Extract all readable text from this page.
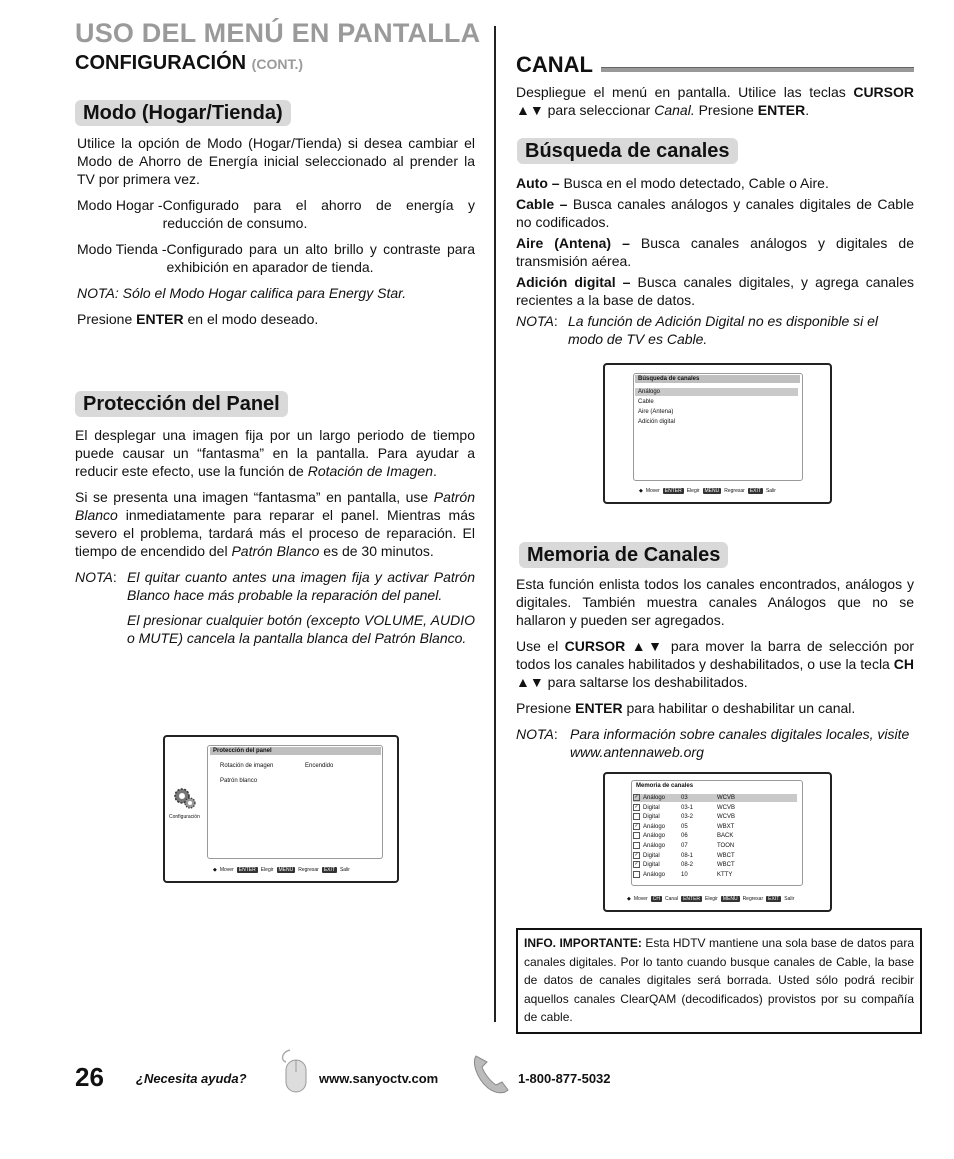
USO DEL MENÚ EN PANTALLA
CONFIGURACIÓN (CONT.)
Modo (Hogar/Tienda)

Utilice la opción de Modo (Hogar/Tienda) si desea cambiar el Modo de Ahorro de Energía inicial seleccionado al prender la TV por primera vez.

Modo Hogar - Configurado para el ahorro de energía y reducción de consumo.
Modo Tienda - Configurado para un alto brillo y contraste para exhibición en aparador de tienda.

NOTA: Sólo el Modo Hogar califica para Energy Star.

Presione ENTER en el modo deseado.

Protección del Panel

El desplegar una imagen fija por un largo periodo de tiempo puede causar un “fantasma” en la pantalla. Para ayudar a reducir este efecto, use la función de Rotación de Imagen.

Si se presenta una imagen “fantasma” en pantalla, use Patrón Blanco inmediatamente para reparar el panel. Mientras más severo el problema, tardará más el proceso de reparación. El tiempo de encendido del Patrón Blanco es de 30 minutos.

NOTA: El quitar cuanto antes una imagen fija y activar Patrón Blanco hace más probable la reparación del panel.

El presionar cualquier botón (excepto VOLUME, AUDIO o MUTE) cancela la pantalla blanca del Patrón Blanco.

Protección del panel
Rotación de imagen	Encendido
Patrón blanco
Configuración
◆ Mover	ENTER	Elegir	MENU	Regresar	EXIT	Salir
CANAL

Despliegue el menú en pantalla. Utilice las teclas CURSOR ▲▼ para seleccionar Canal. Presione ENTER.

Búsqueda de canales

Auto – Busca en el modo detectado, Cable o Aire.

Cable – Busca canales análogos y canales digitales de Cable no codificados.

Aire (Antena) – Busca canales análogos y digitales de transmisión aérea.

Adición digital – Busca canales digitales, y agrega canales recientes a la base de datos.

NOTA: La función de Adición Digital no es disponible si el modo de TV es Cable.
Búsqueda de canales
Análogo
Cable
Aire (Antena)
Adición digital
◆ Mover	ENTER	Elegir	MENU	Regresar	EXIT	Salir
Memoria de Canales

Esta función enlista todos los canales encontrados, análogos y digitales. También muestra canales Análogos que no se hallaron y pueden ser agregados.

Use el CURSOR ▲▼ para mover la barra de selección por todos los canales habilitados y deshabilitados, o use la tecla CH ▲▼ para saltarse los deshabilitados.

Presione ENTER para habilitar o deshabilitar un canal.

NOTA: Para información sobre canales digitales locales, visite www.antennaweb.org
Memoria de canales
✓ Análogo	03	WCVB
✓ Digital	03-1	WCVB
Digital	03-2	WCVB
✓ Análogo	05	WBXT
Análogo	06	BACK
Análogo	07	TOON
✓ Digital	08-1	WBCT
✓ Digital	08-2	WBCT
Análogo	10	KTTY
◆ Mover	CH	Canal	ENTER	Elegir	MENU	Regresar	EXIT	Salir
INFO. IMPORTANTE: Esta HDTV mantiene una sola base de datos para canales digitales. Por lo tanto cuando busque canales de Cable, la base de datos de canales digitales será borrada. Usted sólo podrá recibir aquellos canales ClearQAM (decodificados) provistos por su compañía de cable.
26 ¿Necesita ayuda?	www.sanyoctv.com	1-800-877-5032
